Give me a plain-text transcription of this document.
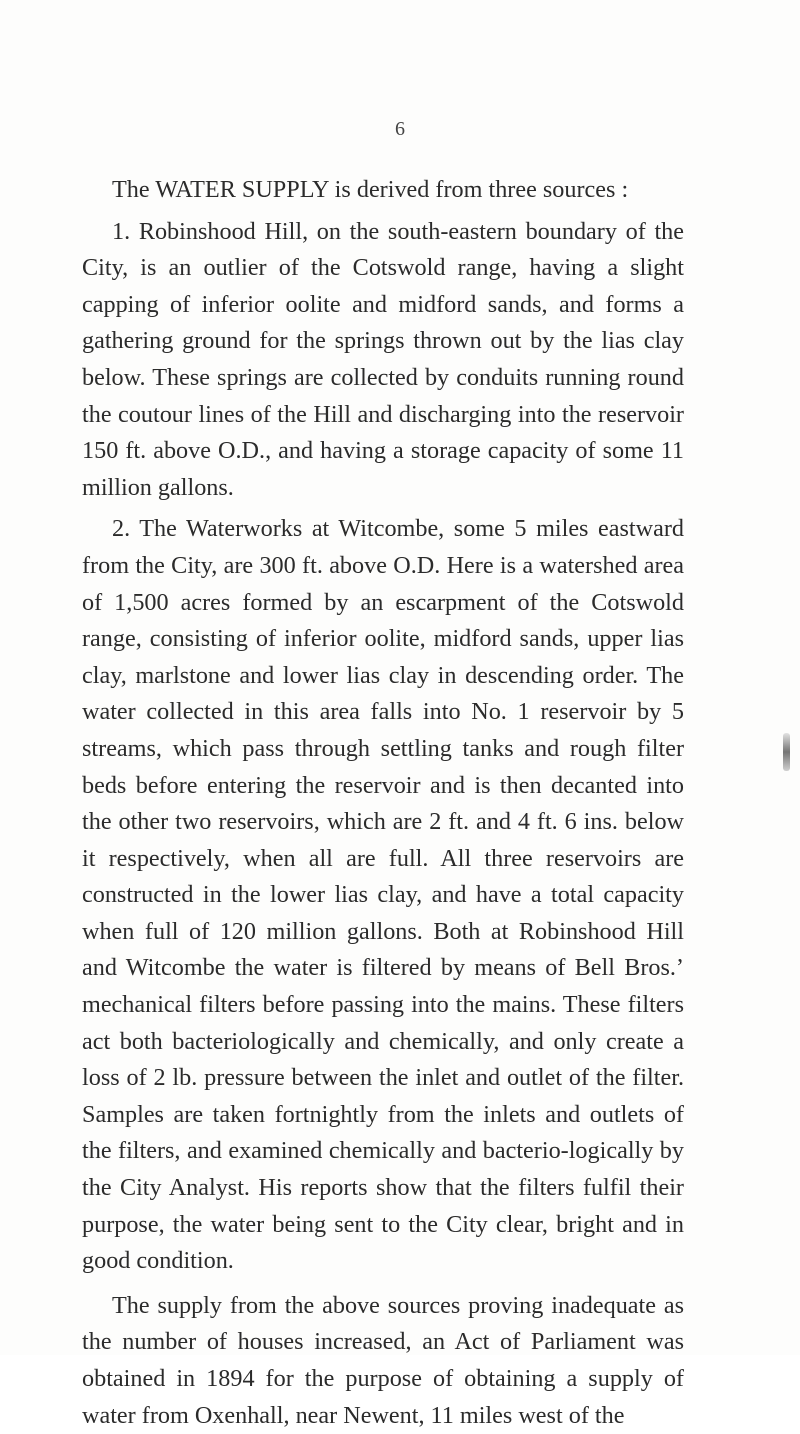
6

The WATER SUPPLY is derived from three sources :

1. Robinshood Hill, on the south-eastern boundary of the City, is an outlier of the Cotswold range, having a slight capping of inferior oolite and midford sands, and forms a gathering ground for the springs thrown out by the lias clay below. These springs are collected by conduits running round the coutour lines of the Hill and discharging into the reservoir 150 ft. above O.D., and having a storage capacity of some 11 million gallons.

2. The Waterworks at Witcombe, some 5 miles eastward from the City, are 300 ft. above O.D. Here is a watershed area of 1,500 acres formed by an escarpment of the Cotswold range, consisting of inferior oolite, midford sands, upper lias clay, marlstone and lower lias clay in descending order. The water collected in this area falls into No. 1 reservoir by 5 streams, which pass through settling tanks and rough filter beds before entering the reservoir and is then decanted into the other two reservoirs, which are 2 ft. and 4 ft. 6 ins. below it respectively, when all are full. All three reservoirs are constructed in the lower lias clay, and have a total capacity when full of 120 million gallons. Both at Robinshood Hill and Witcombe the water is filtered by means of Bell Bros.’ mechanical filters before passing into the mains. These filters act both bacteriologically and chemically, and only create a loss of 2 lb. pressure between the inlet and outlet of the filter. Samples are taken fortnightly from the inlets and outlets of the filters, and examined chemically and bacterio-logically by the City Analyst. His reports show that the filters fulfil their purpose, the water being sent to the City clear, bright and in good condition.

The supply from the above sources proving inadequate as the number of houses increased, an Act of Parliament was obtained in 1894 for the purpose of obtaining a supply of water from Oxenhall, near Newent, 11 miles west of the
